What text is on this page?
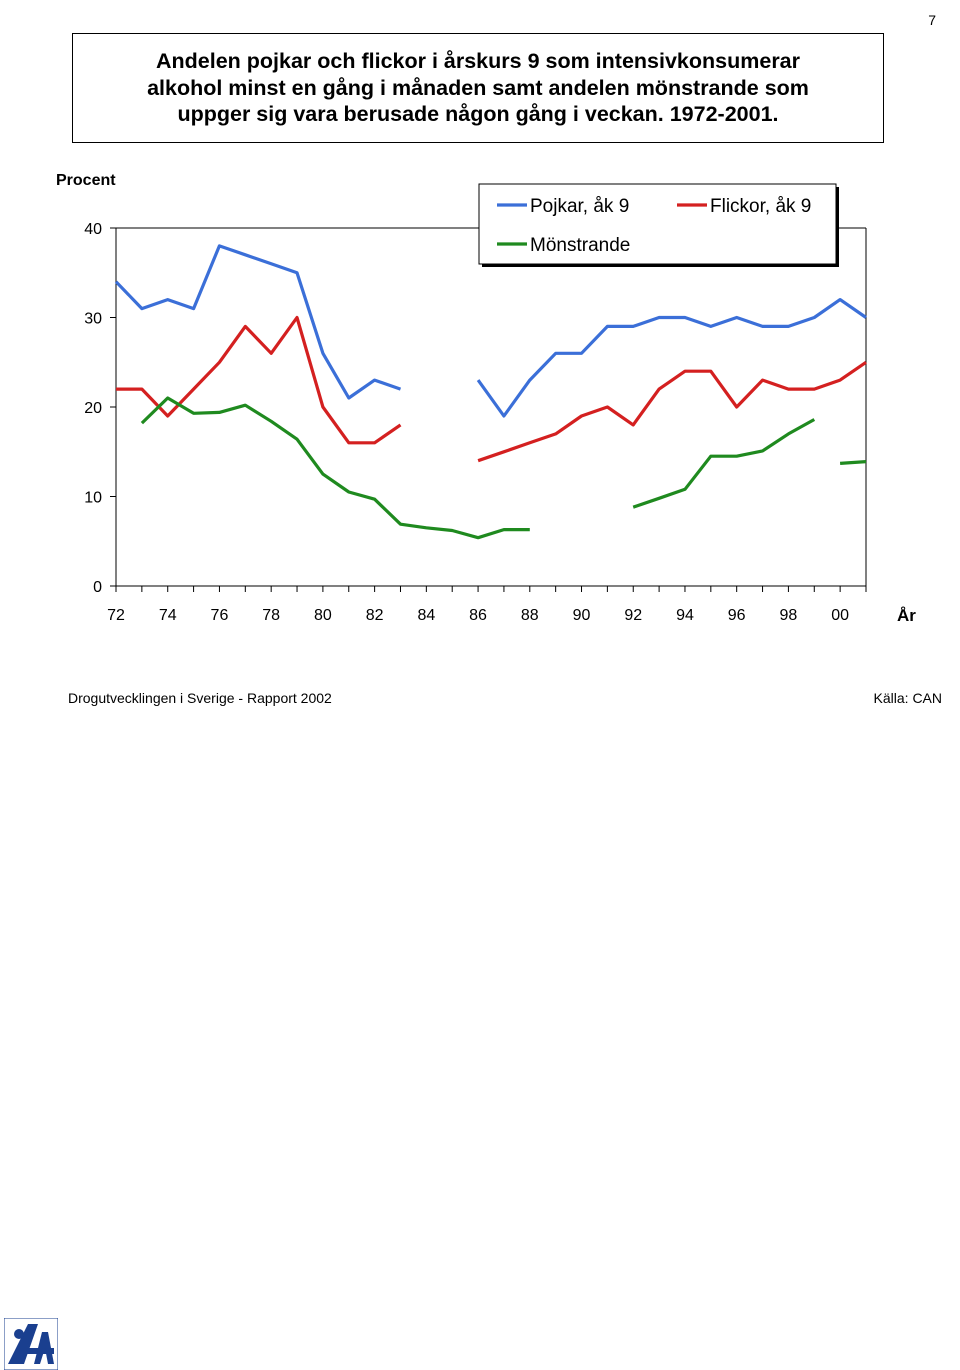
7
Andelen pojkar och flickor i årskurs 9 som intensivkonsumerar
alkohol minst en gång i månaden samt andelen mönstrande som
uppger sig vara berusade någon gång i veckan. 1972-2001.
Procent
År
0
10
20
30
40
72 74 76 78 80 82 84 86 88 90 92 94 96 98 00
Pojkar, åk 9	Flickor, åk 9
Mönstrande
Drogutvecklingen i Sverige - Rapport 2002	Källa: CAN
